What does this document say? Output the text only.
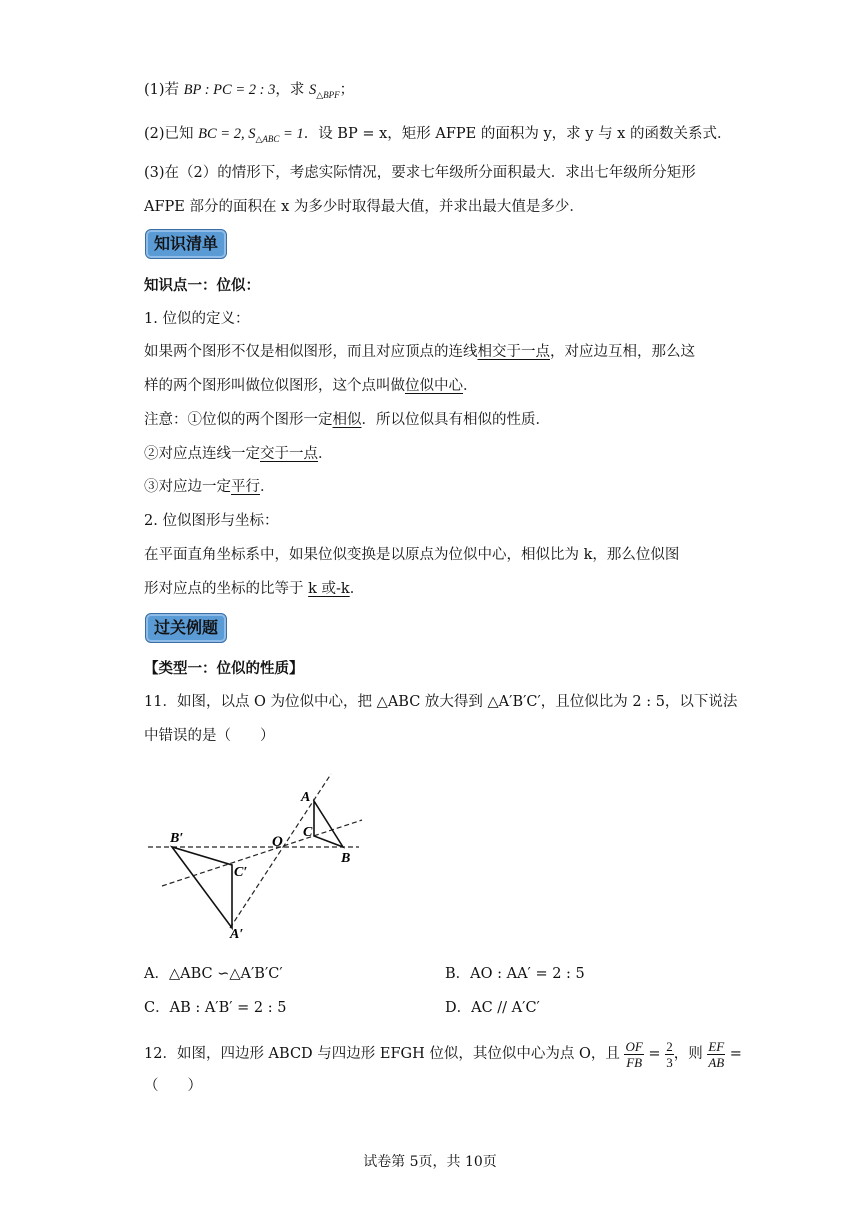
(1)若 BP : PC = 2 : 3，求 $S_{\triangle BPF}$；
(2)已知 BC = 2, $S_{\triangle ABC} = 1$．设 BP = x，矩形 AFPE 的面积为 y，求 y 与 x 的函数关系式．
(3)在（2）的情形下，考虑实际情况，要求七年级所分面积最大．求出七年级所分矩形
AFPE 部分的面积在 x 为多少时取得最大值，并求出最大值是多少．
知识清单
知识点一：位似：
1. 位似的定义：
如果两个图形不仅是相似图形，而且对应顶点的连线相交于一点，对应边互相，那么这
样的两个图形叫做位似图形，这个点叫做位似中心．
注意：①位似的两个图形一定相似．所以位似具有相似的性质．
②对应点连线一定交于一点．
③对应边一定平行．
2. 位似图形与坐标：
在平面直角坐标系中，如果位似变换是以原点为位似中心，相似比为 k，那么位似图
形对应点的坐标的比等于 k 或-k．
过关例题
【类型一：位似的性质】
11．如图，以点 O 为位似中心，把 △ABC 放大得到 △A′B′C′，且位似比为 2 : 5，以下说法
中错误的是（　　）
A
B
C
O
B′
C′
A′
A．△ABC ∽△A′B′C′	B．AO : AA′ = 2 : 5
C．AB : A′B′ = 2 : 5	D．AC // A′C′
12．如图，四边形 ABCD 与四边形 EFGH 位似，其位似中心为点 O，且 $\frac{OF}{FB} = \frac{2}{3}$ ，则 $\frac{EF}{AB}$ =
（　　）
试卷第 5页，共 10页
